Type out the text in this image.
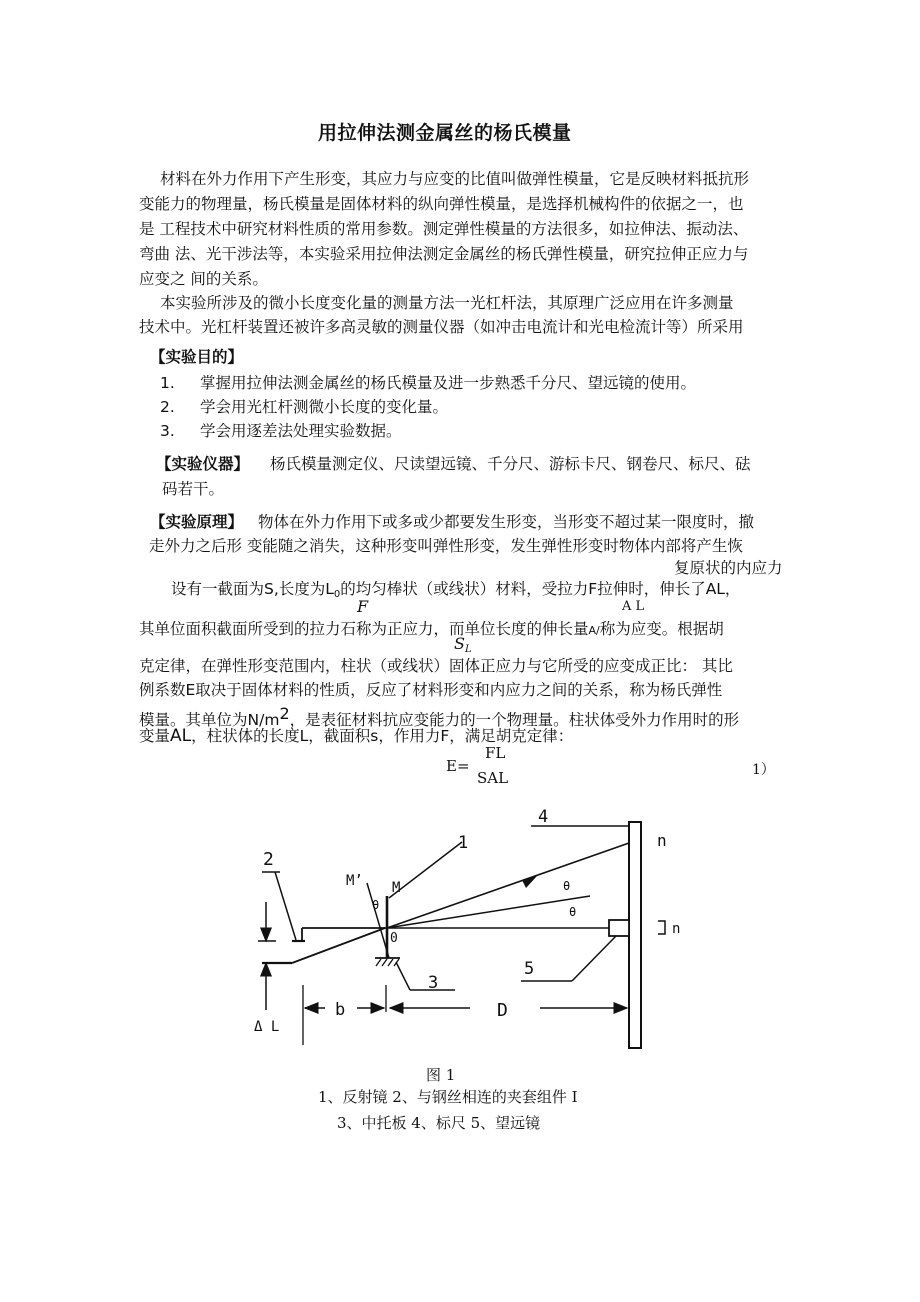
用拉伸法测金属丝的杨氏模量
材料在外力作用下产生形变，其应力与应变的比值叫做弹性模量，它是反映材料抵抗形
变能力的物理量，杨氏模量是固体材料的纵向弹性模量，是选择机械构件的依据之一，也
是 工程技术中研究材料性质的常用参数。测定弹性模量的方法很多，如拉伸法、振动法、
弯曲 法、光干涉法等，本实验采用拉伸法测定金属丝的杨氏弹性模量，研究拉伸正应力与
应变之 间的关系。
本实验所涉及的微小长度变化量的测量方法一光杠杆法，其原理广泛应用在许多测量
技术中。光杠杆装置还被许多高灵敏的测量仪器（如冲击电流计和光电检流计等）所采用
【实验目的】
1. 掌握用拉伸法测金属丝的杨氏模量及进一步熟悉千分尺、望远镜的使用。
2. 学会用光杠杆测微小长度的变化量。
3. 学会用逐差法处理实验数据。
【实验仪器】 杨氏模量测定仪、尺读望远镜、千分尺、游标卡尺、钢卷尺、标尺、砝
码若干。
【实验原理】 物体在外力作用下或多或少都要发生形变，当形变不超过某一限度时，撤
走外力之后形 变能随之消失，这种形变叫弹性形变，发生弹性形变时物体内部将产生恢
复原状的内应力
设有一截面为S,长度为$L_0$的均匀棒状（或线状）材料，受拉力F拉伸时，伸长了AL，
F	A L
其单位面积截面所受到的拉力石称为正应力，而单位长度的伸长量A/称为应变。根据胡
$S_L$
克定律，在弹性形变范围内，柱状（或线状）固体正应力与它所受的应变成正比： 其比
例系数E取决于固体材料的性质，反应了材料形变和内应力之间的关系，称为杨氏弹性
模量。其单位为$N/m^2$，是表征材料抗应变能力的一个物理量。柱状体受外力作用时的形
变量AL，柱状体的长度L，截面积s，作用力F，满足胡克定律：
E=
FL
SAL	1）
1
2
3
4
5
n
n
M
M’
0
θ
θ
θ
b	D
Δ L
图 1
1、反射镜 2、与钢丝相连的夹套组件 I
3、中托板 4、标尺 5、望远镜
